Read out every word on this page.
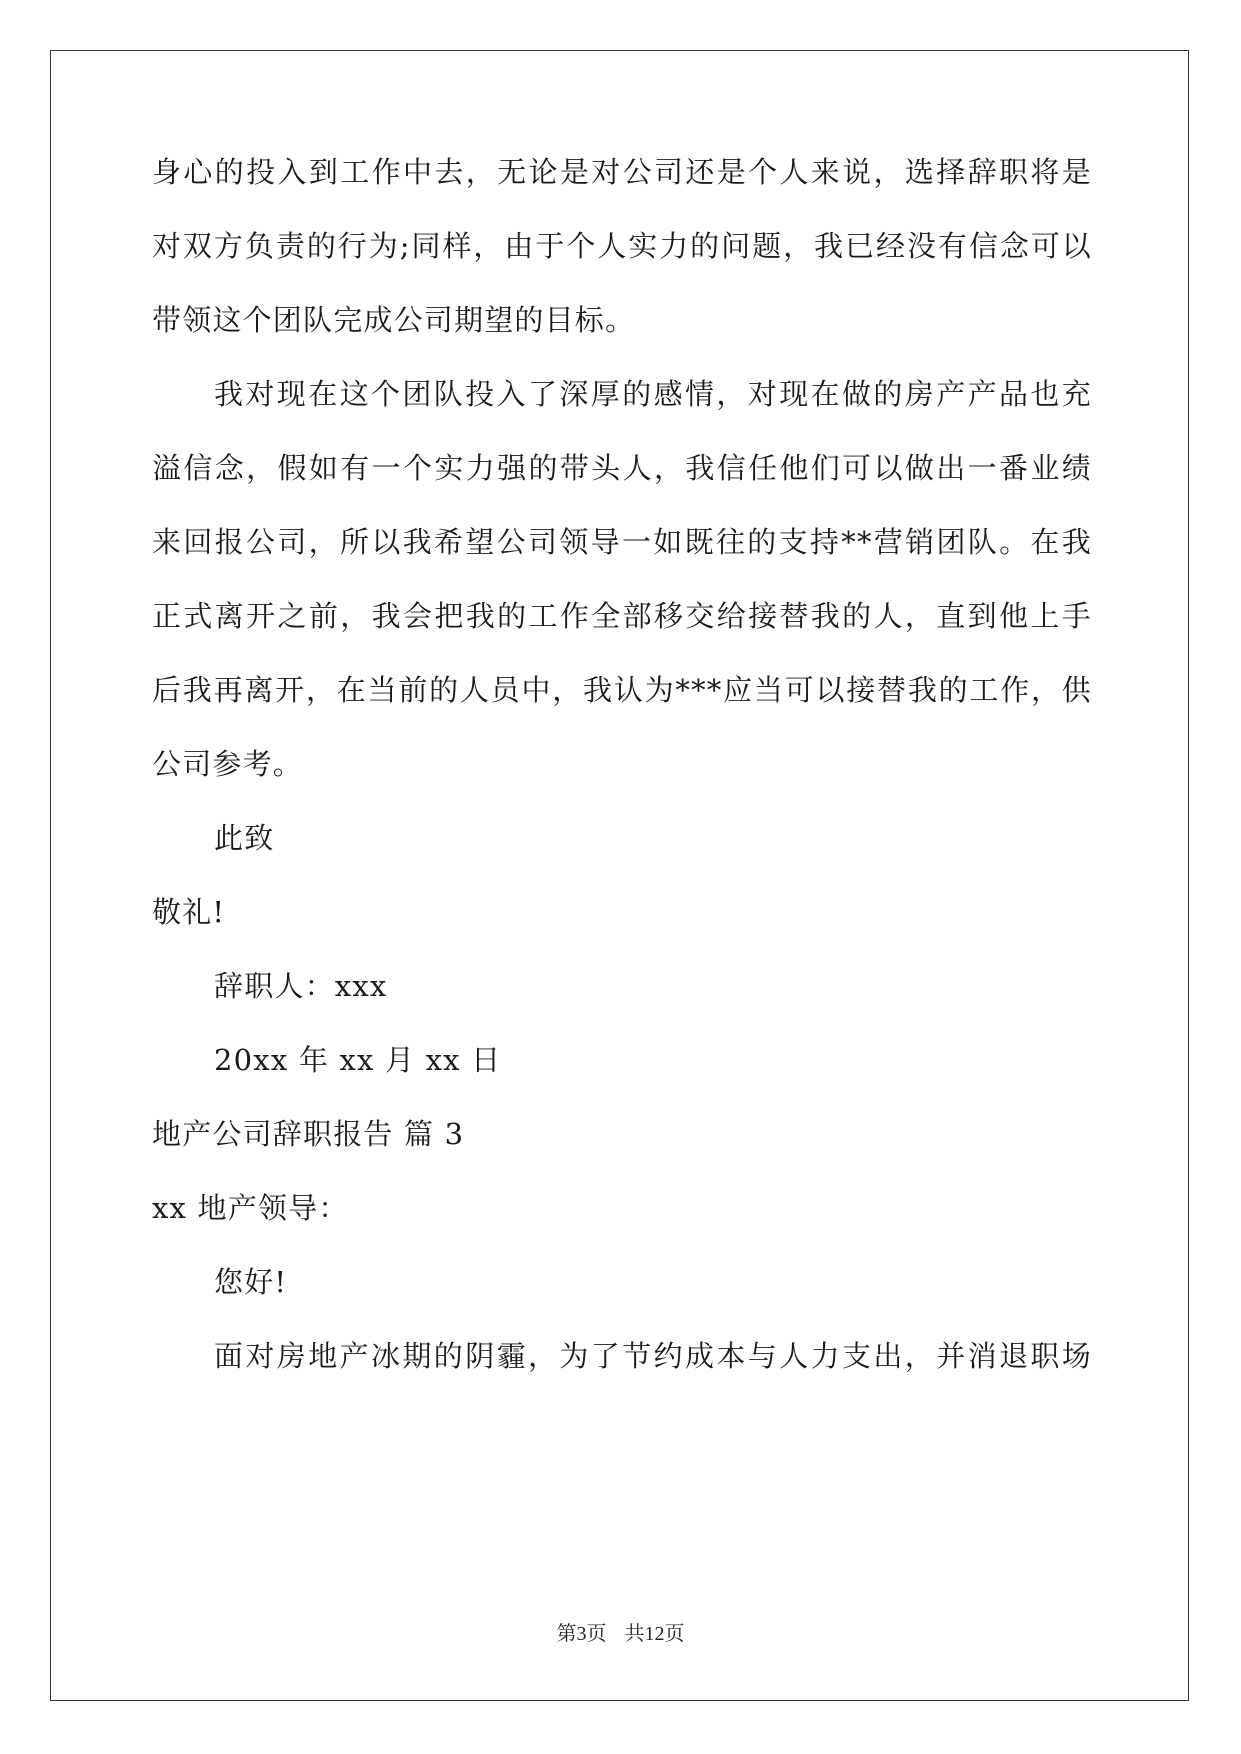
身心的投入到工作中去，无论是对公司还是个人来说，选择辞职将是
对双方负责的行为;同样，由于个人实力的问题，我已经没有信念可以
带领这个团队完成公司期望的目标。
我对现在这个团队投入了深厚的感情，对现在做的房产产品也充
溢信念，假如有一个实力强的带头人，我信任他们可以做出一番业绩
来回报公司，所以我希望公司领导一如既往的支持**营销团队。在我
正式离开之前，我会把我的工作全部移交给接替我的人，直到他上手
后我再离开，在当前的人员中，我认为***应当可以接替我的工作，供
公司参考。
此致
敬礼!
辞职人：xxx
20xx 年 xx 月 xx 日
地产公司辞职报告 篇 3
xx 地产领导：
您好!
面对房地产冰期的阴霾，为了节约成本与人力支出，并消退职场
第3页 共12页
